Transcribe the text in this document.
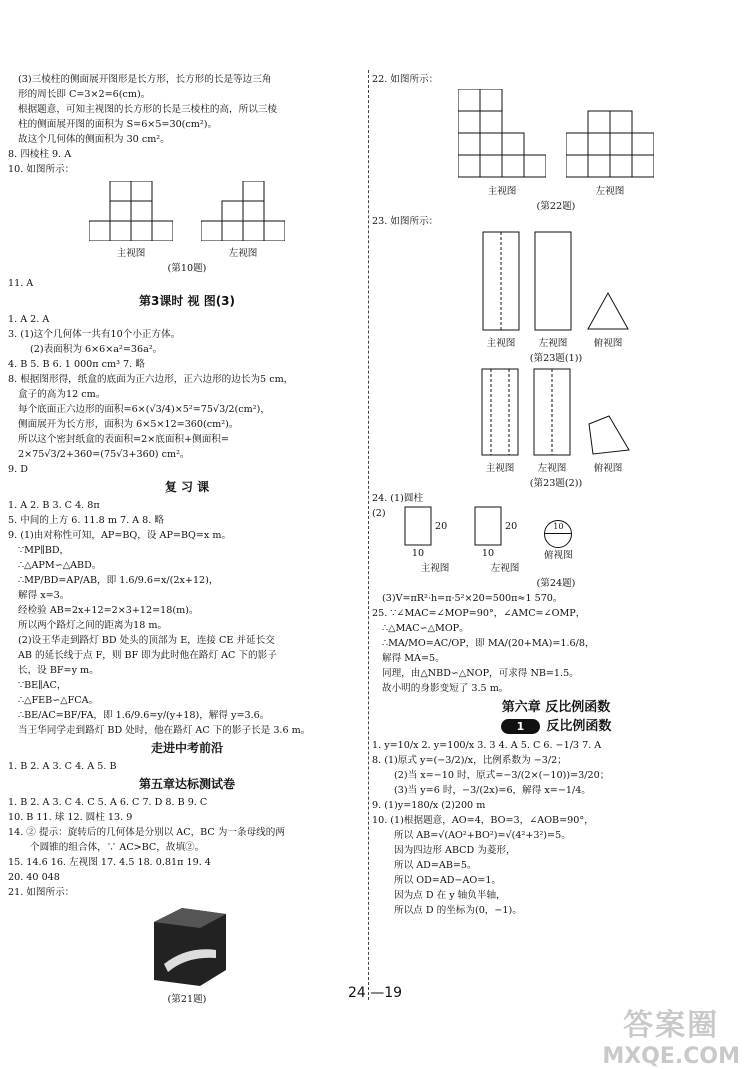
(3)三棱柱的侧面展开图形是长方形，长方形的长是等边三角
形的周长即 C=3×2=6(cm)。
根据题意，可知主视图的长方形的长是三棱柱的高，所以三棱
柱的侧面展开图的面积为 S=6×5=30(cm²)。
故这个几何体的侧面积为 30 cm²。
8. 四棱柱 9. A
10. 如图所示：
主视图	左视图
(第10题)
11. A
第3课时 视 图(3)
1. A 2. A
3. (1)这个几何体一共有10个小正方体。
(2)表面积为 6×6×a²=36a²。
4. B 5. B 6. 1 000π cm³ 7. 略
8. 根据图形得，纸盒的底面为正六边形，正六边形的边长为5 cm，
盒子的高为12 cm。
每个底面正六边形的面积=6×(√3/4)×5²=75√3/2(cm²)，
侧面展开为长方形，面积为 6×5×12=360(cm²)。
所以这个密封纸盒的表面积=2×底面积+侧面积=
2×75√3/2+360=(75√3+360) cm²。
9. D
复 习 课
1. A 2. B 3. C 4. 8π
5. 中间的上方 6. 11.8 m 7. A 8. 略
9. (1)由对称性可知，AP=BQ，设 AP=BQ=x m。
∵MP∥BD，
∴△APM∽△ABD。
∴MP/BD=AP/AB，即 1.6/9.6=x/(2x+12)，
解得 x=3。
经检验 AB=2x+12=2×3+12=18(m)。
所以两个路灯之间的距离为18 m。
(2)设王华走到路灯 BD 处头的顶部为 E，连接 CE 并延长交
AB 的延长线于点 F，则 BF 即为此时他在路灯 AC 下的影子
长，设 BF=y m。
∵BE∥AC，
∴△FEB∽△FCA。
∴BE/AC=BF/FA，即 1.6/9.6=y/(y+18)，解得 y=3.6。
当王华同学走到路灯 BD 处时，他在路灯 AC 下的影子长是 3.6 m。
走进中考前沿
1. B 2. A 3. C 4. A 5. B
第五章达标测试卷
1. B 2. A 3. C 4. C 5. A 6. C 7. D 8. B 9. C
10. B 11. 球 12. 圆柱 13. 9
14. ② 提示：旋转后的几何体是分别以 AC，BC 为一条母线的两
个圆锥的组合体，∵ AC>BC，故填②。
15. 14.6 16. 左视图 17. 4.5 18. 0.81π 19. 4
20. 40 048
21. 如图所示：
(第21题)
22. 如图所示：
主视图	左视图
(第22题)
23. 如图所示：
主视图	左视图	俯视图
(第23题(1))
主视图	左视图	俯视图
(第23题(2))
24. (1)圆柱
(2)
20
10
主视图
20
10
左视图
10
俯视图
(第24题)
(3)V=πR²·h=π·5²×20=500π≈1 570。
25. ∵∠MAC=∠MOP=90°，∠AMC=∠OMP，
∴△MAC∽△MOP。
∴MA/MO=AC/OP，即 MA/(20+MA)=1.6/8，
解得 MA=5。
同理，由△NBD∽△NOP，可求得 NB=1.5。
故小明的身影变短了 3.5 m。
第六章 反比例函数
1	反比例函数
1. y=10/x 2. y=100/x 3. 3 4. A 5. C 6. −1/3 7. A
8. (1)原式 y=(−3/2)/x，比例系数为 −3/2；
(2)当 x=−10 时，原式=−3/(2×(−10))=3/20；
(3)当 y=6 时，−3/(2x)=6，解得 x=−1/4。
9. (1)y=180/x (2)200 m
10. (1)根据题意，AO=4，BO=3，∠AOB=90°，
所以 AB=√(AO²+BO²)=√(4²+3²)=5。
因为四边形 ABCD 为菱形，
所以 AD=AB=5。
所以 OD=AD−AO=1。
因为点 D 在 y 轴负半轴，
所以点 D 的坐标为(0，−1)。
24 —19
答案圈
MXQE.COM
